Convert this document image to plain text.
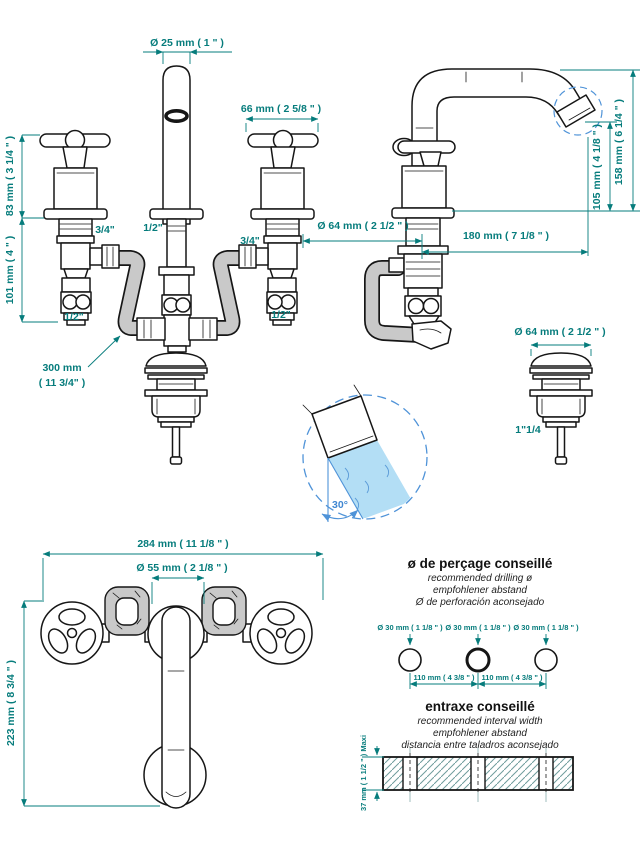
Ø 25 mm ( 1 " )
66 mm ( 2 5/8 " )
83 mm ( 3 1/4 " )
101 mm ( 4 " )
3/4"	1/2"
3/4"
1/2"	1/2"
300 mm
( 11 3/4" )
Ø 64 mm ( 2 1/2 " )
180 mm ( 7 1/8 " )
105 mm ( 4 1/8 " ) 158 mm ( 6 1/4 " )
Ø 64 mm ( 2 1/2 " )
1"1/4
30°
284 mm ( 11 1/8 " )
Ø 55 mm ( 2 1/8 " )
223 mm ( 8 3/4 " )
ø de perçage conseillé
recommended drilling ø
empfohlener abstand
Ø de perforación aconsejado
Ø 30 mm ( 1 1/8 " ) Ø 30 mm ( 1 1/8 " ) Ø 30 mm ( 1 1/8 " )
110 mm ( 4 3/8 " ) 110 mm ( 4 3/8 " )
entraxe conseillé
recommended interval width
empfohlener abstand
distancia entre taladros aconsejado
37 mm ( 1 1/2 " ) Maxi
